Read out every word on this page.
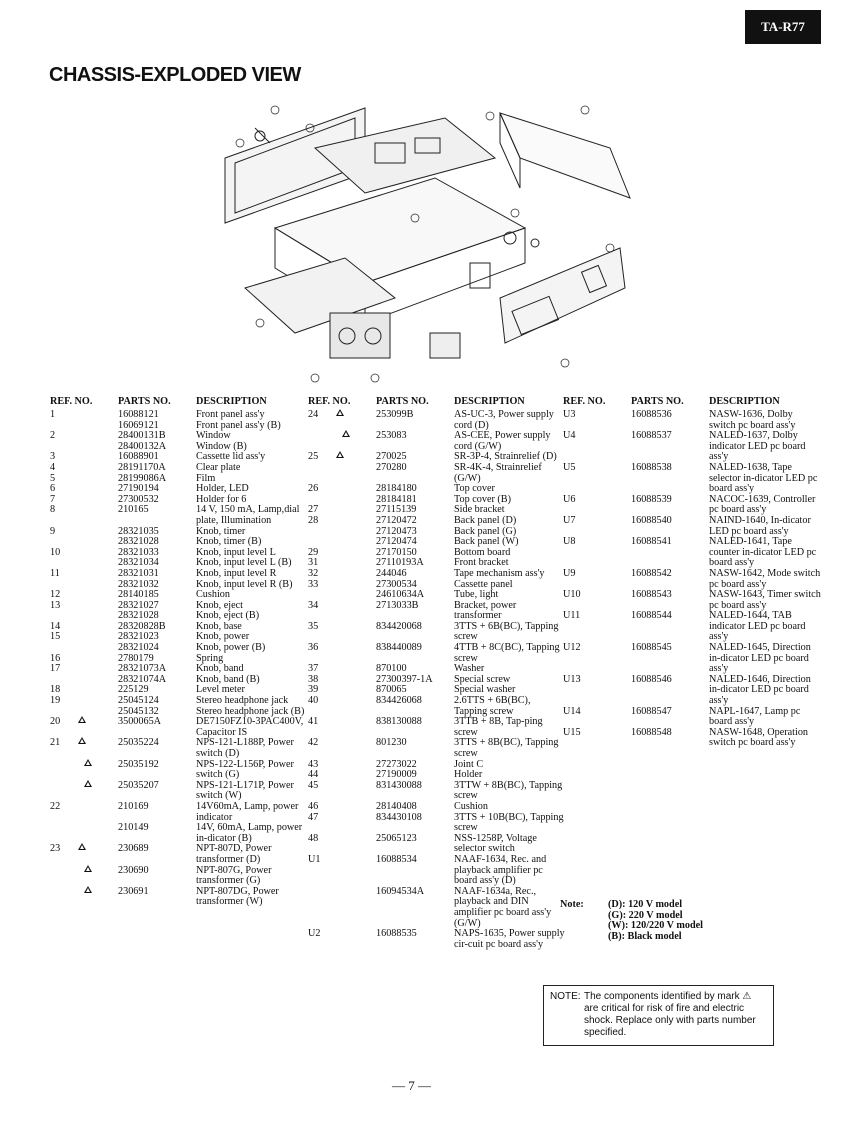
TA-R77
CHASSIS-EXPLODED VIEW
REF. NO.	PARTS NO.	DESCRIPTION
1	16088121	Front panel ass'y
16069121	Front panel ass'y (B)
2	28400131B	Window
28400132A	Window (B)
3	16088901	Cassette lid ass'y
4	28191170A	Clear plate
5	28199086A	Film
6	27190194	Holder, LED
7	27300532	Holder for 6
8	210165	14 V, 150 mA, Lamp,dial plate, Illumination
9	28321035	Knob, timer
28321028	Knob, timer (B)
10	28321033	Knob, input level L
28321034	Knob, input level L (B)
11	28321031	Knob, input level R
28321032	Knob, input level R (B)
12	28140185	Cushion
13	28321027	Knob, eject
28321028	Knob, eject (B)
14	28320828B	Knob, base
15	28321023	Knob, power
28321024	Knob, power (B)
16	2780179	Spring
17	28321073A	Knob, band
28321074A	Knob, band (B)
18	225129	Level meter
19	25045124	Stereo headphone jack
25045132	Stereo headphone jack (B)
20	3500065A	DE7150FZ10-3PAC400V, Capacitor IS
21	25035224	NPS-121-L188P, Power switch (D)
25035192	NPS-122-L156P, Power switch (G)
25035207	NPS-121-L171P, Power switch (W)
22	210169	14V60mA, Lamp, power indicator
210149	14V, 60mA, Lamp, power in-dicator (B)
23	230689	NPT-807D, Power transformer (D)
230690	NPT-807G, Power transformer (G)
230691	NPT-807DG, Power transformer (W)
REF. NO.	PARTS NO.	DESCRIPTION
24	253099B	AS-UC-3, Power supply cord (D)
253083	AS-CEE, Power supply cord (G/W)
25	270025	SR-3P-4, Strainrelief (D)
270280	SR-4K-4, Strainrelief (G/W)
26	28184180	Top cover
28184181	Top cover (B)
27	27115139	Side bracket
28	27120472	Back panel (D)
27120473	Back panel (G)
27120474	Back panel (W)
29	27170150	Bottom board
31	27110193A	Front bracket
32	244046	Tape mechanism ass'y
33	27300534	Cassette panel
24610634A	Tube, light
34	2713033B	Bracket, power transformer
35	834420068	3TTS + 6B(BC), Tapping screw
36	838440089	4TTB + 8C(BC), Tapping screw
37	870100	Washer
38	27300397-1A	Special screw
39	870065	Special washer
40	834426068	2.6TTS + 6B(BC), Tapping screw
41	838130088	3TTB + 8B, Tap-ping screw
42	801230	3TTS + 8B(BC), Tapping screw
43	27273022	Joint C
44	27190009	Holder
45	831430088	3TTW + 8B(BC), Tapping screw
46	28140408	Cushion
47	834430108	3TTS + 10B(BC), Tapping screw
48	25065123	NSS-1258P, Voltage selector switch
U1	16088534	NAAF-1634, Rec. and playback amplifier pc board ass'y (D)
16094534A	NAAF-1634a, Rec., playback and DIN amplifier pc board ass'y (G/W)
U2	16088535	NAPS-1635, Power supply cir-cuit pc board ass'y
REF. NO.	PARTS NO.	DESCRIPTION
U3	16088536	NASW-1636, Dolby switch pc board ass'y
U4	16088537	NALED-1637, Dolby indicator LED pc board ass'y
U5	16088538	NALED-1638, Tape selector in-dicator LED pc board ass'y
U6	16088539	NACOC-1639, Controller pc board ass'y
U7	16088540	NAIND-1640, In-dicator LED pc board ass'y
U8	16088541	NALED-1641, Tape counter in-dicator LED pc board ass'y
U9	16088542	NASW-1642, Mode switch pc board ass'y
U10	16088543	NASW-1643, Timer switch pc board ass'y
U11	16088544	NALED-1644, TAB indicator LED pc board ass'y
U12	16088545	NALED-1645, Direction in-dicator LED pc board ass'y
U13	16088546	NALED-1646, Direction in-dicator LED pc board ass'y
U14	16088547	NAPL-1647, Lamp pc board ass'y
U15	16088548	NASW-1648, Operation switch pc board ass'y
Note:	(D): 120 V model
(G): 220 V model
(W): 120/220 V model
(B): Black model
NOTE: The components identified by mark ⚠ are critical for risk of fire and electric shock. Replace only with parts number specified.
— 7 —
